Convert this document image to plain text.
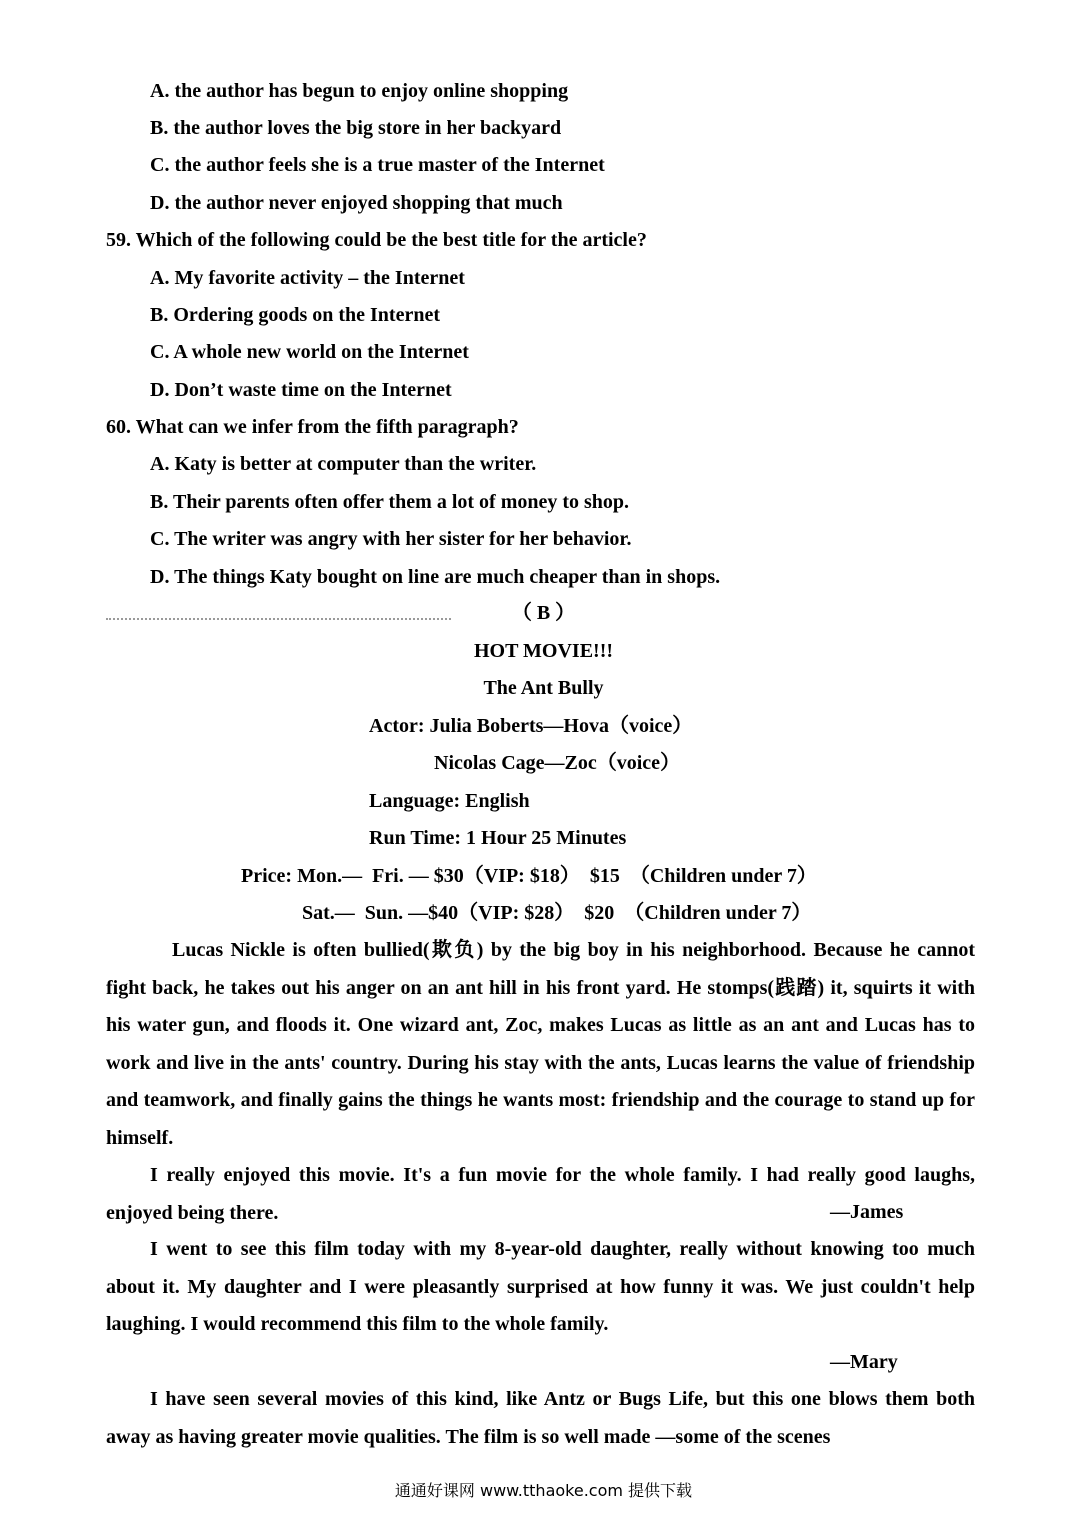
A. the author has begun to enjoy online shopping
B. the author loves the big store in her backyard
C. the author feels she is a true master of the Internet
D. the author never enjoyed shopping that much
59. Which of the following could be the best title for the article?
A. My favorite activity – the Internet
B. Ordering goods on the Internet
C. A whole new world on the Internet
D. Don’t waste time on the Internet
60. What can we infer from the fifth paragraph?
A. Katy is better at computer than the writer.
B. Their parents often offer them a lot of money to shop.
C. The writer was angry with her sister for her behavior.
D. The things Katy bought on line are much cheaper than in shops.
（ B ）
HOT MOVIE!!!
The Ant Bully
Actor: Julia Boberts—Hova（voice）
Nicolas Cage—Zoc（voice）
Language: English
Run Time: 1 Hour 25 Minutes
Price: Mon.—  Fri. — $30（VIP: $18）  $15  （Children under 7）
Sat.—  Sun. —$40（VIP: $28）  $20  （Children under 7）

Lucas Nickle is often bullied(欺负) by the big boy in his neighborhood. Because he cannot fight back, he takes out his anger on an ant hill in his front yard. He stomps(践踏) it, squirts it with his water gun, and floods it. One wizard ant, Zoc, makes Lucas as little as an ant and Lucas has to work and live in the ants' country. During his stay with the ants, Lucas learns the value of friendship and teamwork, and finally gains the things he wants most: friendship and the courage to stand up for himself.

I really enjoyed this movie. It's a fun movie for the whole family. I had really good laughs, enjoyed being there.	—James

I went to see this film today with my 8-year-old daughter, really without knowing too much about it. My daughter and I were pleasantly surprised at how funny it was. We just couldn't help laughing. I would recommend this film to the whole family.

—Mary

I have seen several movies of this kind, like Antz or Bugs Life, but this one blows them both away as having greater movie qualities. The film is so well made —some of the scenes

通通好课网 www.tthaoke.com 提供下载
